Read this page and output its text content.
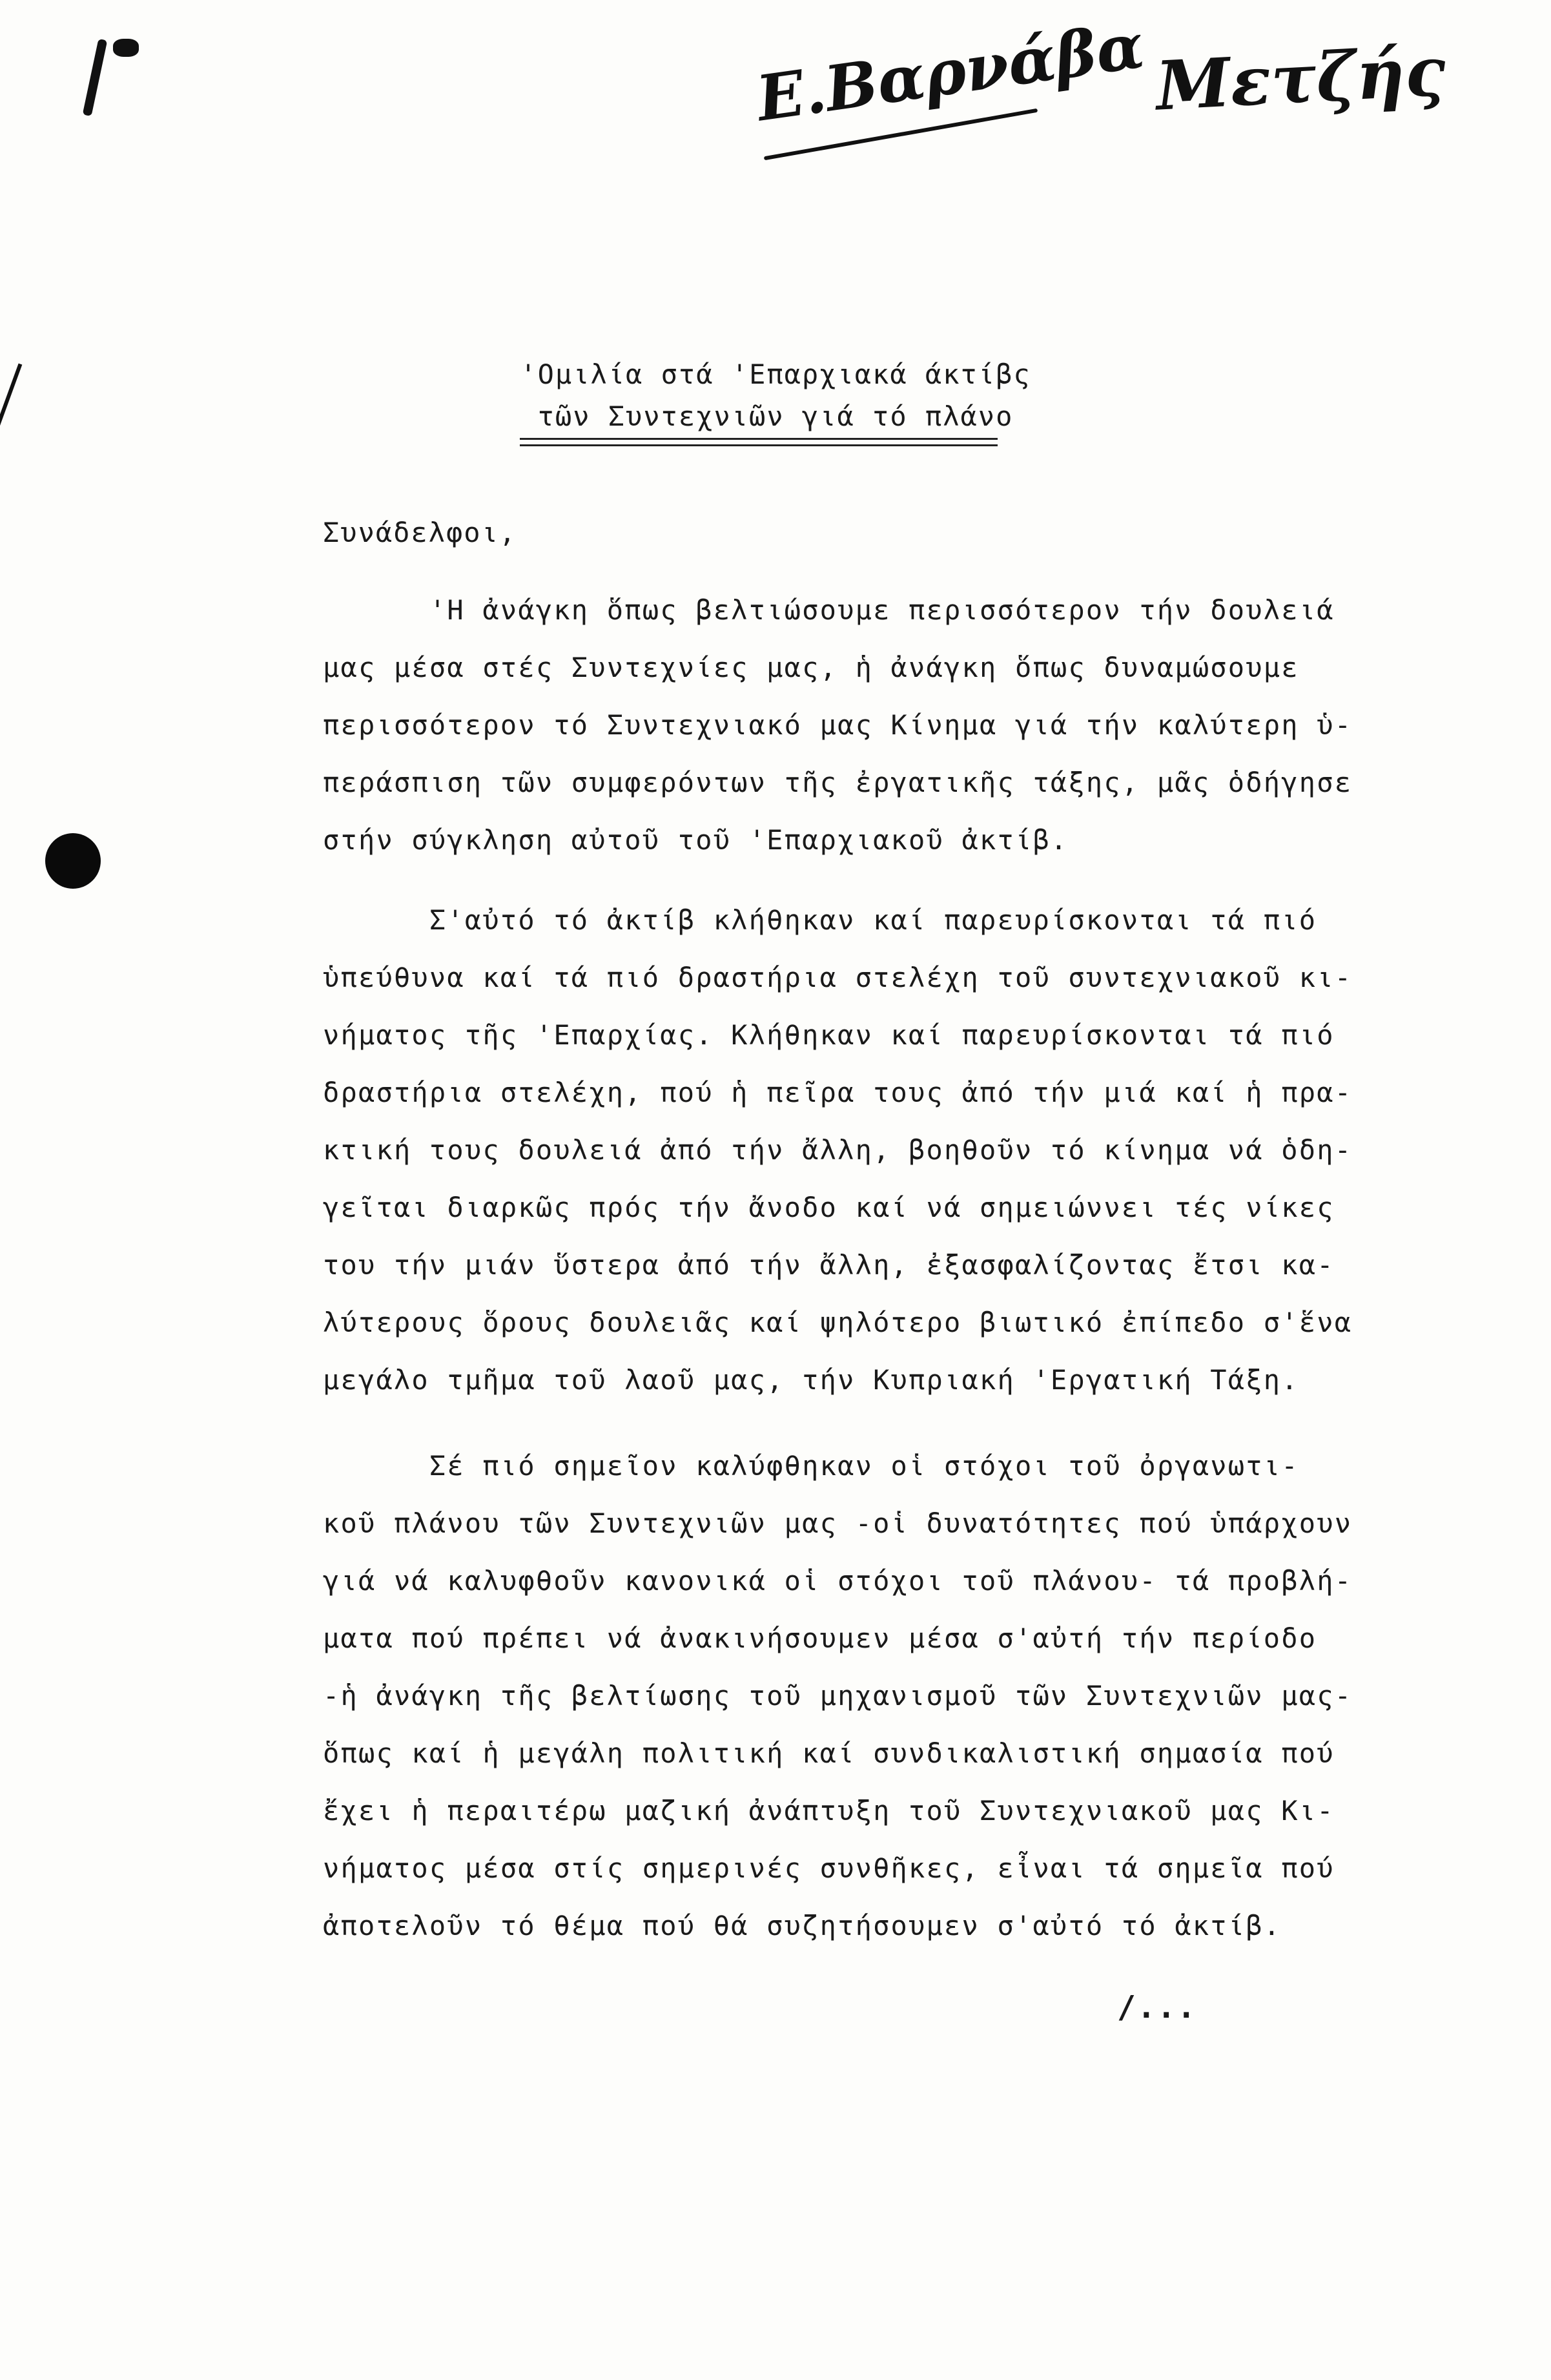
Ε.Βαρνάβα Μετζής
'Ομιλία στά 'Επαρχιακά άκτίβς
τῶν Συντεχνιῶν γιά τό πλάνο
Συνάδελφοι,
'Η ἀνάγκη ὅπως βελτιώσουμε περισσότερον τήν δουλειά
μας μέσα στές Συντεχνίες μας, ἡ ἀνάγκη ὅπως δυναμώσουμε
περισσότερον τό Συντεχνιακό μας Κίνημα γιά τήν καλύτερη ὑ-
περάσπιση τῶν συμφερόντων τῆς ἐργατικῆς τάξης, μᾶς ὁδήγησε
στήν σύγκληση αὐτοῦ τοῦ 'Επαρχιακοῦ ἀκτίβ.
Σ'αὐτό τό ἀκτίβ κλήθηκαν καί παρευρίσκονται τά πιό
ὑπεύθυνα καί τά πιό δραστήρια στελέχη τοῦ συντεχνιακοῦ κι-
νήματος τῆς 'Επαρχίας. Κλήθηκαν καί παρευρίσκονται τά πιό
δραστήρια στελέχη, πού ἡ πεῖρα τους ἀπό τήν μιά καί ἡ πρα-
κτική τους δουλειά ἀπό τήν ἄλλη, βοηθοῦν τό κίνημα νά ὁδη-
γεῖται διαρκῶς πρός τήν ἄνοδο καί νά σημειώννει τές νίκες
του τήν μιάν ὕστερα ἀπό τήν ἄλλη, ἐξασφαλίζοντας ἔτσι κα-
λύτερους ὅρους δουλειᾶς καί ψηλότερο βιωτικό ἐπίπεδο σ'ἕνα
μεγάλο τμῆμα τοῦ λαοῦ μας, τήν Κυπριακή 'Εργατική Τάξη.
Σέ πιό σημεῖον καλύφθηκαν οἱ στόχοι τοῦ ὀργανωτι-
κοῦ πλάνου τῶν Συντεχνιῶν μας -οἱ δυνατότητες πού ὑπάρχουν
γιά νά καλυφθοῦν κανονικά οἱ στόχοι τοῦ πλάνου- τά προβλή-
ματα πού πρέπει νά ἀνακινήσουμεν μέσα σ'αὐτή τήν περίοδο
-ἡ ἀνάγκη τῆς βελτίωσης τοῦ μηχανισμοῦ τῶν Συντεχνιῶν μας-
ὅπως καί ἡ μεγάλη πολιτική καί συνδικαλιστική σημασία πού
ἔχει ἡ περαιτέρω μαζική ἀνάπτυξη τοῦ Συντεχνιακοῦ μας Κι-
νήματος μέσα στίς σημερινές συνθῆκες, εἶναι τά σημεῖα πού
ἀποτελοῦν τό θέμα πού θά συζητήσουμεν σ'αὐτό τό ἀκτίβ.
/...
